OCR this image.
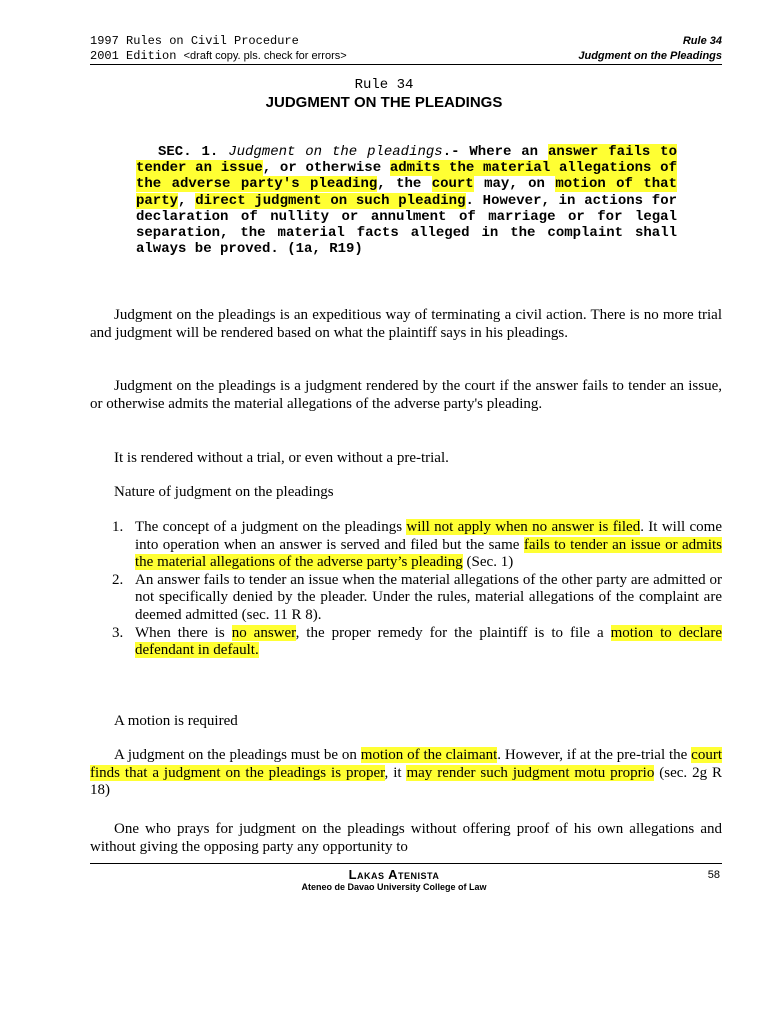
1997 Rules on Civil Procedure	Rule 34
2001 Edition <draft copy. pls. check for errors>	Judgment on the Pleadings
Rule 34
JUDGMENT ON THE PLEADINGS
SEC. 1. Judgment on the pleadings.- Where an answer fails to tender an issue, or otherwise admits the material allegations of the adverse party's pleading, the court may, on motion of that party, direct judgment on such pleading. However, in actions for declaration of nullity or annulment of marriage or for legal separation, the material facts alleged in the complaint shall always be proved. (1a, R19)

Judgment on the pleadings is an expeditious way of terminating a civil action. There is no more trial and judgment will be rendered based on what the plaintiff says in his pleadings.

Judgment on the pleadings is a judgment rendered by the court if the answer fails to tender an issue, or otherwise admits the material allegations of the adverse party's pleading.

It is rendered without a trial, or even without a pre-trial.

Nature of judgment on the pleadings

1. The concept of a judgment on the pleadings will not apply when no answer is filed. It will come into operation when an answer is served and filed but the same fails to tender an issue or admits the material allegations of the adverse party’s pleading (Sec. 1)
2. An answer fails to tender an issue when the material allegations of the other party are admitted or not specifically denied by the pleader. Under the rules, material allegations of the complaint are deemed admitted (sec. 11 R 8).
3. When there is no answer, the proper remedy for the plaintiff is to file a motion to declare defendant in default.

A motion is required

A judgment on the pleadings must be on motion of the claimant. However, if at the pre-trial the court finds that a judgment on the pleadings is proper, it may render such judgment motu proprio (sec. 2g R 18)

One who prays for judgment on the pleadings without offering proof of his own allegations and without giving the opposing party any opportunity to

Lakas Atenista
Ateneo de Davao University College of Law
58
